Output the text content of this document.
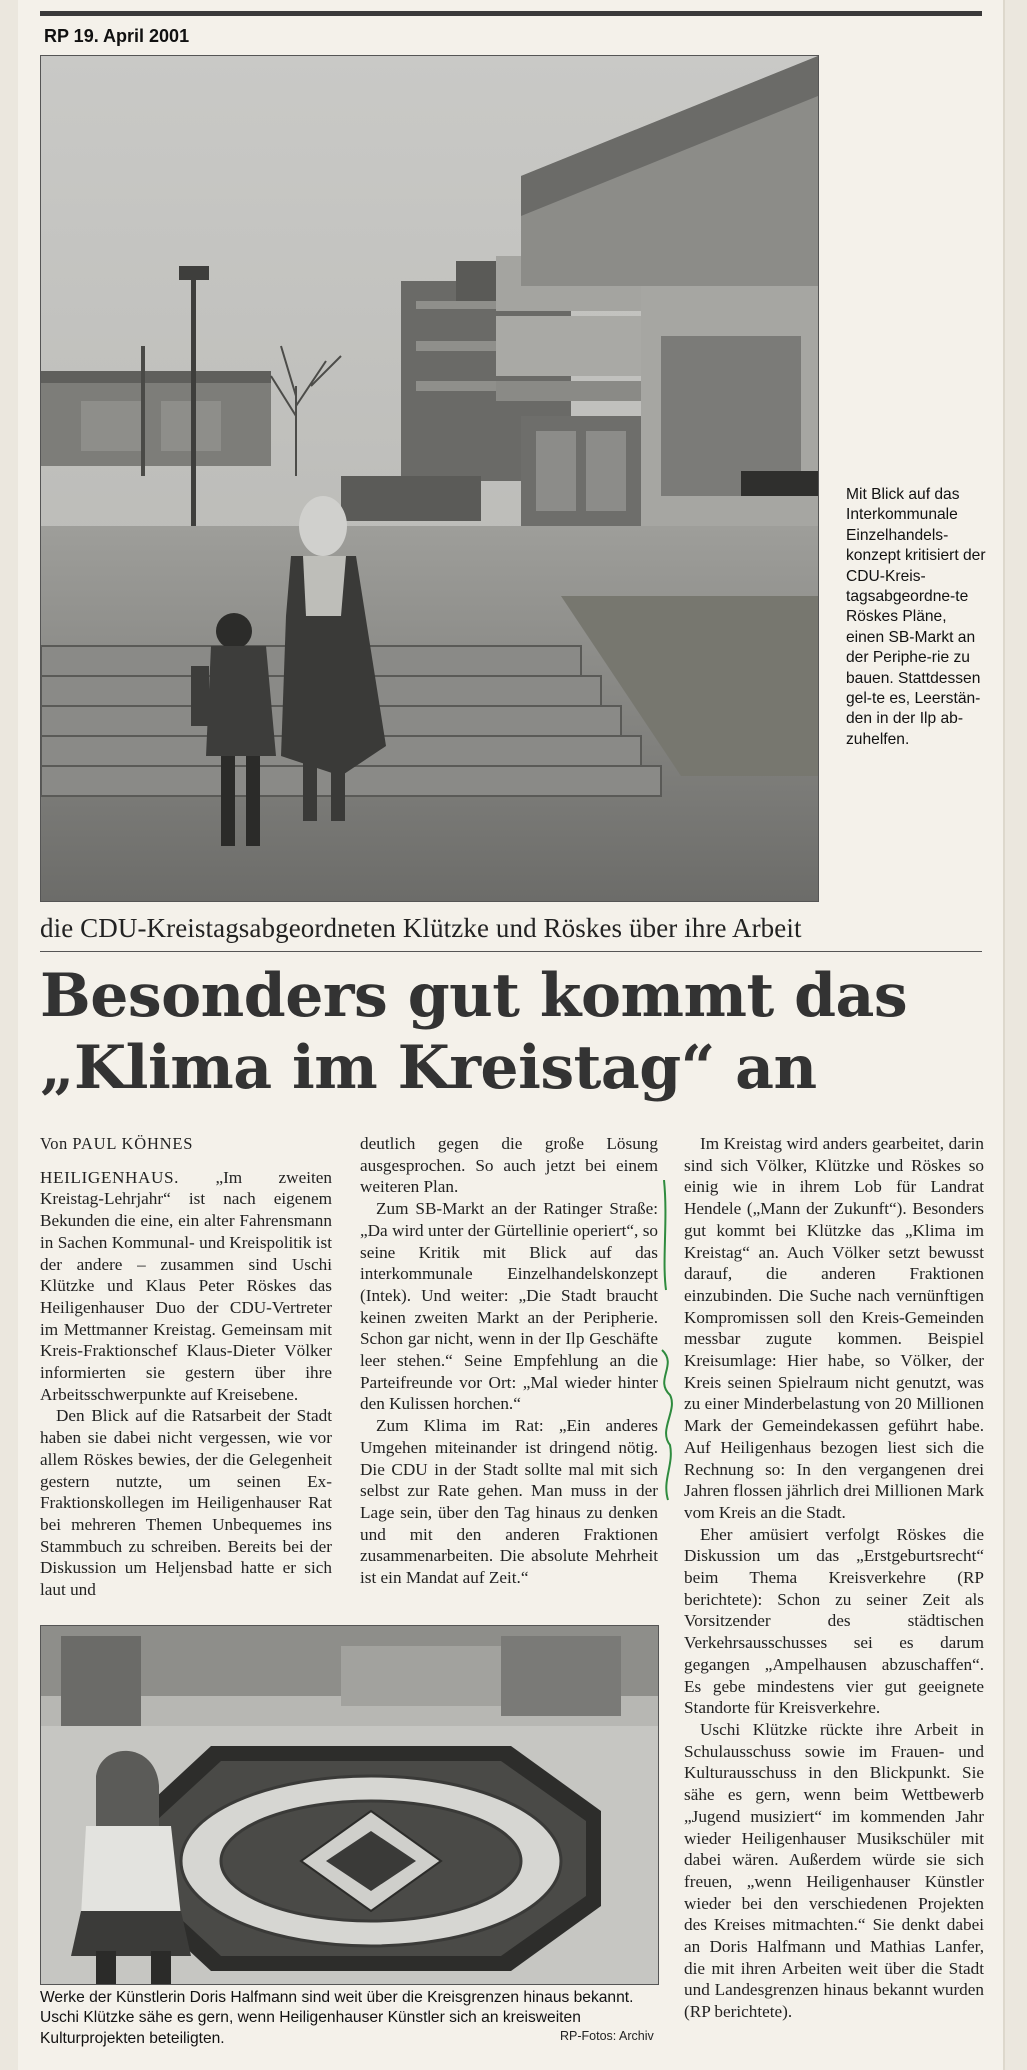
RP 19. April 2001
Mit Blick auf das Interkommunale Einzelhandels-konzept kritisiert der CDU-Kreis-tagsabgeordne-te Röskes Pläne, einen SB-Markt an der Periphe-rie zu bauen. Stattdessen gel-te es, Leerstän-den in der Ilp ab-zuhelfen.
die CDU-Kreistagsabgeordneten Klützke und Röskes über ihre Arbeit
Besonders gut kommt das
„Klima im Kreistag“ an
Von PAUL KÖHNES

HEILIGENHAUS. „Im zweiten Kreistag-Lehrjahr“ ist nach eigenem Bekunden die eine, ein alter Fahrensmann in Sachen Kommunal- und Kreispolitik ist der andere – zusammen sind Uschi Klützke und Klaus Peter Röskes das Heiligenhauser Duo der CDU-Vertreter im Mettmanner Kreistag. Gemeinsam mit Kreis-Fraktionschef Klaus-Dieter Völker informierten sie gestern über ihre Arbeitsschwerpunkte auf Kreisebene.

Den Blick auf die Ratsarbeit der Stadt haben sie dabei nicht vergessen, wie vor allem Röskes bewies, der die Gelegenheit gestern nutzte, um seinen Ex-Fraktionskollegen im Heiligenhauser Rat bei mehreren Themen Unbequemes ins Stammbuch zu schreiben. Bereits bei der Diskussion um Heljensbad hatte er sich laut und

deutlich gegen die große Lösung ausgesprochen. So auch jetzt bei einem weiteren Plan.

Zum SB-Markt an der Ratinger Straße: „Da wird unter der Gürtellinie operiert“, so seine Kritik mit Blick auf das interkommunale Einzelhandelskonzept (Intek). Und weiter: „Die Stadt braucht keinen zweiten Markt an der Peripherie. Schon gar nicht, wenn in der Ilp Geschäfte leer stehen.“ Seine Empfehlung an die Parteifreunde vor Ort: „Mal wieder hinter den Kulissen horchen.“

Zum Klima im Rat: „Ein anderes Umgehen miteinander ist dringend nötig. Die CDU in der Stadt sollte mal mit sich selbst zur Rate gehen. Man muss in der Lage sein, über den Tag hinaus zu denken und mit den anderen Fraktionen zusammenarbeiten. Die absolute Mehrheit ist ein Mandat auf Zeit.“

Im Kreistag wird anders gearbeitet, darin sind sich Völker, Klützke und Röskes so einig wie in ihrem Lob für Landrat Hendele („Mann der Zukunft“). Besonders gut kommt bei Klützke das „Klima im Kreistag“ an. Auch Völker setzt bewusst darauf, die anderen Fraktionen einzubinden. Die Suche nach vernünftigen Kompromissen soll den Kreis-Gemeinden messbar zugute kommen. Beispiel Kreisumlage: Hier habe, so Völker, der Kreis seinen Spielraum nicht genutzt, was zu einer Minderbelastung von 20 Millionen Mark der Gemeindekassen geführt habe. Auf Heiligenhaus bezogen liest sich die Rechnung so: In den vergangenen drei Jahren flossen jährlich drei Millionen Mark vom Kreis an die Stadt.

Eher amüsiert verfolgt Röskes die Diskussion um das „Erstgeburtsrecht“ beim Thema Kreisverkehre (RP berichtete): Schon zu seiner Zeit als Vorsitzender des städtischen Verkehrsausschusses sei es darum gegangen „Ampelhausen abzuschaffen“. Es gebe mindestens vier gut geeignete Standorte für Kreisverkehre.

Uschi Klützke rückte ihre Arbeit in Schulausschuss sowie im Frauen- und Kulturausschuss in den Blickpunkt. Sie sähe es gern, wenn beim Wettbewerb „Jugend musiziert“ im kommenden Jahr wieder Heiligenhauser Musikschüler mit dabei wären. Außerdem würde sie sich freuen, „wenn Heiligenhauser Künstler wieder bei den verschiedenen Projekten des Kreises mitmachten.“ Sie denkt dabei an Doris Halfmann und Mathias Lanfer, die mit ihren Arbeiten weit über die Stadt und Landesgrenzen hinaus bekannt wurden (RP berichtete).

Werke der Künstlerin Doris Halfmann sind weit über die Kreisgrenzen hinaus bekannt. Uschi Klützke sähe es gern, wenn Heiligenhauser Künstler sich an kreisweiten Kulturprojekten beteiligten.	RP-Fotos: Archiv
